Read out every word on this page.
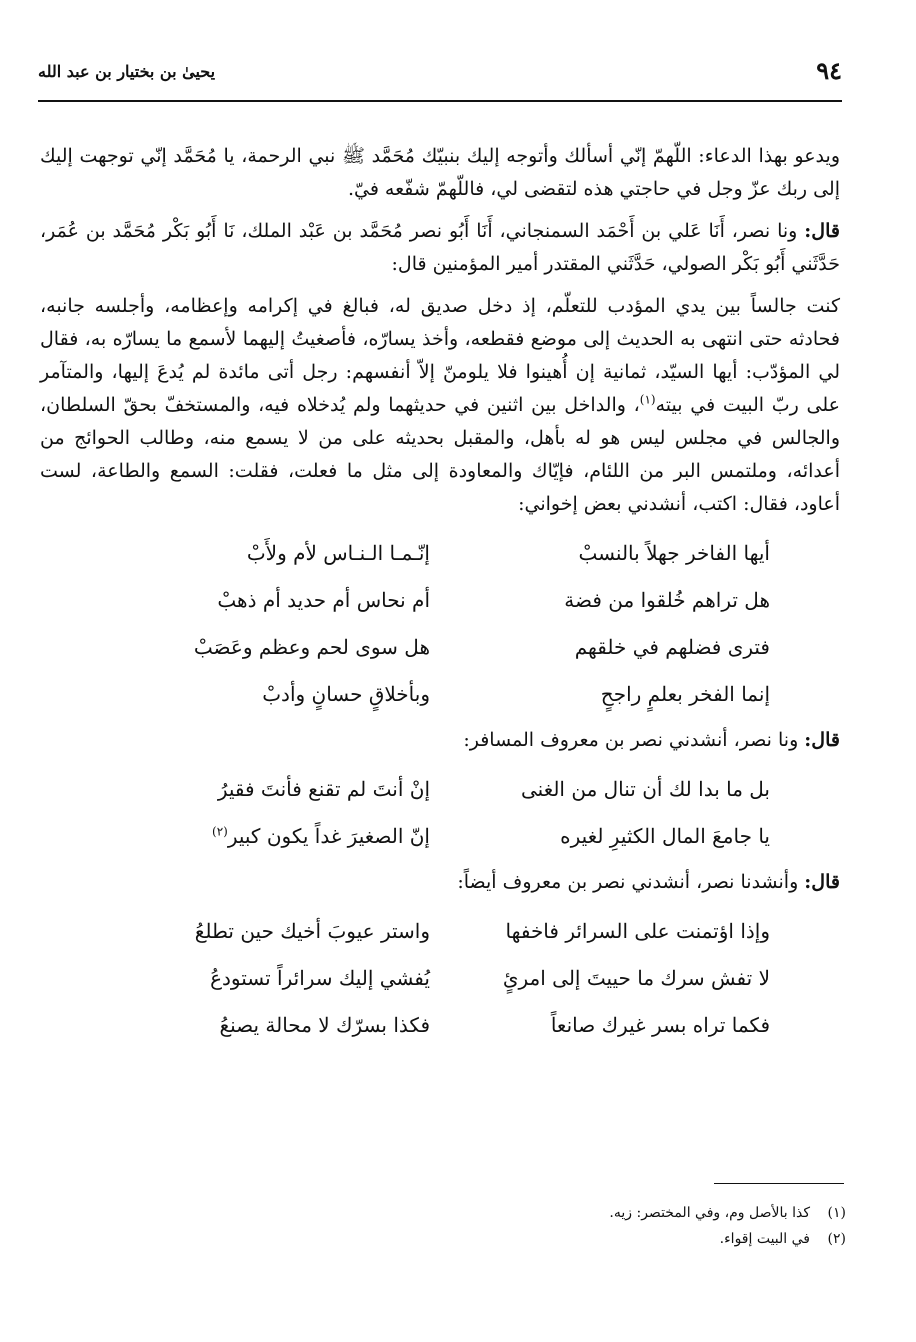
٩٤
يحيىٰ بن بختيار بن عبد الله

ويدعو بهذا الدعاء: اللّهمّ إنّي أسألك وأتوجه إليك بنبيّك مُحَمَّد ﷺ نبي الرحمة، يا مُحَمَّد إنّي توجهت إليك إلى ربك عزّ وجل في حاجتي هذه لتقضى لي، فاللّهمّ شفّعه فيّ.

قال: ونا نصر، أَنَا عَلي بن أَحْمَد السمنجاني، أَنَا أَبُو نصر مُحَمَّد بن عَبْد الملك، نَا أَبُو بَكْر مُحَمَّد بن عُمَر، حَدَّثَني أَبُو بَكْر الصولي، حَدَّثَني المقتدر أمير المؤمنين قال:

كنت جالساً بين يدي المؤدب للتعلّم، إذ دخل صديق له، فبالغ في إكرامه وإعظامه، وأجلسه جانبه، فحادثه حتى انتهى به الحديث إلى موضع فقطعه، وأخذ يسارّه، فأصغيتُ إليهما لأسمع ما يسارّه به، فقال لي المؤدّب: أيها السيّد، ثمانية إن أُهينوا فلا يلومنّ إلاّ أنفسهم: رجل أتى مائدة لم يُدعَ إليها، والمتآمر على ربّ البيت في بيته$^{(١)}$، والداخل بين اثنين في حديثهما ولم يُدخلاه فيه، والمستخفّ بحقّ السلطان، والجالس في مجلس ليس هو له بأهل، والمقبل بحديثه على من لا يسمع منه، وطالب الحوائج من أعدائه، وملتمس البر من اللئام، فإيّاك والمعاودة إلى مثل ما فعلت، فقلت: السمع والطاعة، لست أعاود، فقال: اكتب، أنشدني بعض إخواني:

أيها الفاخر جهلاً بالنسبْ
إنّـمـا الـنـاس لأم ولأَبْ
هل تراهم خُلقوا من فضة
أم نحاس أم حديد أم ذهبْ
فترى فضلهم في خلقهم
هل سوى لحم وعظم وعَصَبْ
إنما الفخر بعلمٍ راجحٍ
وبأخلاقٍ حسانٍ وأدبْ

قال: ونا نصر، أنشدني نصر بن معروف المسافر:

بل ما بدا لك أن تنال من الغنى
إنْ أنتَ لم تقنع فأنتَ فقيرُ
يا جامعَ المال الكثيرِ لغيره
إنّ الصغيرَ غداً يكون كبير$^{(٢)}$

قال: وأنشدنا نصر، أنشدني نصر بن معروف أيضاً:

وإذا اؤتمنت على السرائر فاخفها
واستر عيوبَ أخيك حين تطلعُ
لا تفش سرك ما حييتَ إلى امرئٍ
يُفشي إليك سرائراً تستودعُ
فكما تراه بسر غيرك صانعاً
فكذا بسرّك لا محالة يصنعُ
(١)
كذا بالأصل وم، وفي المختصر: زيه.
(٢)
في البيت إقواء.
